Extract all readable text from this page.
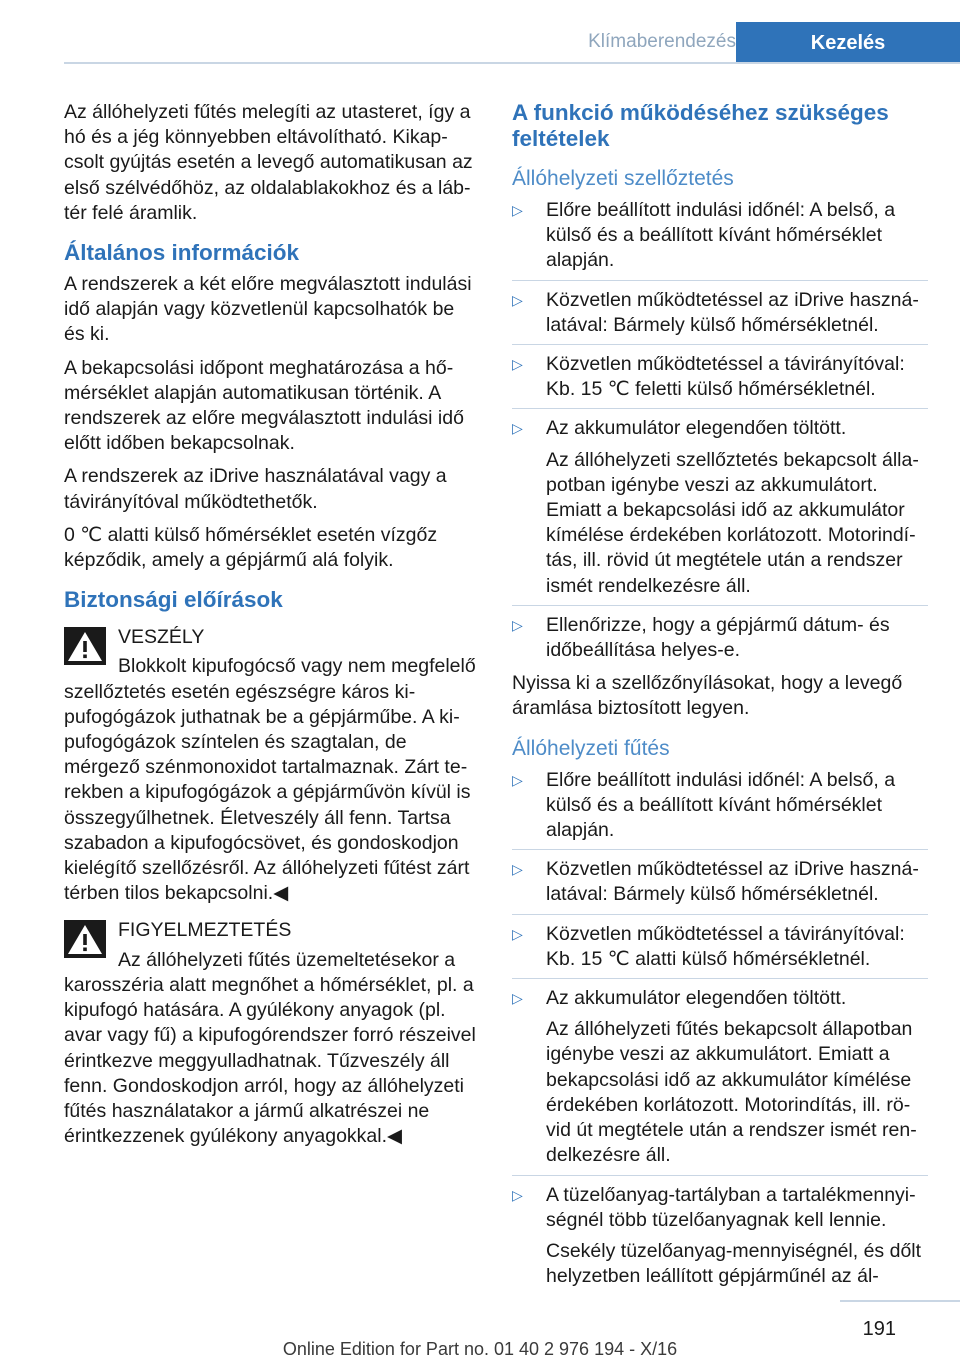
Klímaberendezés	Kezelés

Az állóhelyzeti fűtés melegíti az utasteret, így a hó és a jég könnyebben eltávolítható. Kikapcsolt gyújtás esetén a levegő automatikusan az első szélvédőhöz, az oldalablakokhoz és a lábtér felé áramlik.

Általános információk

A rendszerek a két előre megválasztott indulási idő alapján vagy közvetlenül kapcsolhatók be és ki.

A bekapcsolási időpont meghatározása a hőmérséklet alapján automatikusan történik. A rendszerek az előre megválasztott indulási idő előtt időben bekapcsolnak.

A rendszerek az iDrive használatával vagy a távirányítóval működtethetők.

0 ℃ alatti külső hőmérséklet esetén vízgőz képződik, amely a gépjármű alá folyik.

Biztonsági előírások

VESZÉLY

Blokkolt kipufogócső vagy nem megfelelő szellőztetés esetén egészségre káros kipufogógázok juthatnak be a gépjárműbe. A kipufogógázok színtelen és szagtalan, de mérgező szénmonoxidot tartalmaznak. Zárt terekben a kipufogógázok a gépjárművön kívül is összegyűlhetnek. Életveszély áll fenn. Tartsa szabadon a kipufogócsövet, és gondoskodjon kielégítő szellőzésről. Az állóhelyzeti fűtést zárt térben tilos bekapcsolni.◀

FIGYELMEZTETÉS

Az állóhelyzeti fűtés üzemeltetésekor a karosszéria alatt megnőhet a hőmérséklet, pl. a kipufogó hatására. A gyúlékony anyagok (pl. avar vagy fű) a kipufogórendszer forró részeivel érintkezve meggyulladhatnak. Tűzveszély áll fenn. Gondoskodjon arról, hogy az állóhelyzeti fűtés használatakor a jármű alkatrészei ne érintkezzenek gyúlékony anyagokkal.◀

A funkció működéséhez szükséges feltételek
Állóhelyzeti szellőztetés
▷ Előre beállított indulási időnél: A belső, a külső és a beállított kívánt hőmérséklet alapján.

▷ Közvetlen működtetéssel az iDrive használatával: Bármely külső hőmérsékletnél.

▷ Közvetlen működtetéssel a távirányítóval: Kb. 15 ℃ feletti külső hőmérsékletnél.

▷ Az akkumulátor elegendően töltött.

Az állóhelyzeti szellőztetés bekapcsolt állapotban igénybe veszi az akkumulátort. Emiatt a bekapcsolási idő az akkumulátor kímélése érdekében korlátozott. Motorindítás, ill. rövid út megtétele után a rendszer ismét rendelkezésre áll.

▷ Ellenőrizze, hogy a gépjármű dátum- és időbeállítása helyes-e.

Nyissa ki a szellőzőnyílásokat, hogy a levegő áramlása biztosított legyen.

Állóhelyzeti fűtés
▷ Előre beállított indulási időnél: A belső, a külső és a beállított kívánt hőmérséklet alapján.

▷ Közvetlen működtetéssel az iDrive használatával: Bármely külső hőmérsékletnél.

▷ Közvetlen működtetéssel a távirányítóval: Kb. 15 ℃ alatti külső hőmérsékletnél.

▷ Az akkumulátor elegendően töltött.

Az állóhelyzeti fűtés bekapcsolt állapotban igénybe veszi az akkumulátort. Emiatt a bekapcsolási idő az akkumulátor kímélése érdekében korlátozott. Motorindítás, ill. rövid út megtétele után a rendszer ismét rendelkezésre áll.

▷ A tüzelőanyag-tartályban a tartalékmennyiségnél több tüzelőanyagnak kell lennie.

Csekély tüzelőanyag-mennyiségnél, és dőlt helyzetben leállított gépjárműnél az ál-

191
Online Edition for Part no. 01 40 2 976 194 - X/16
